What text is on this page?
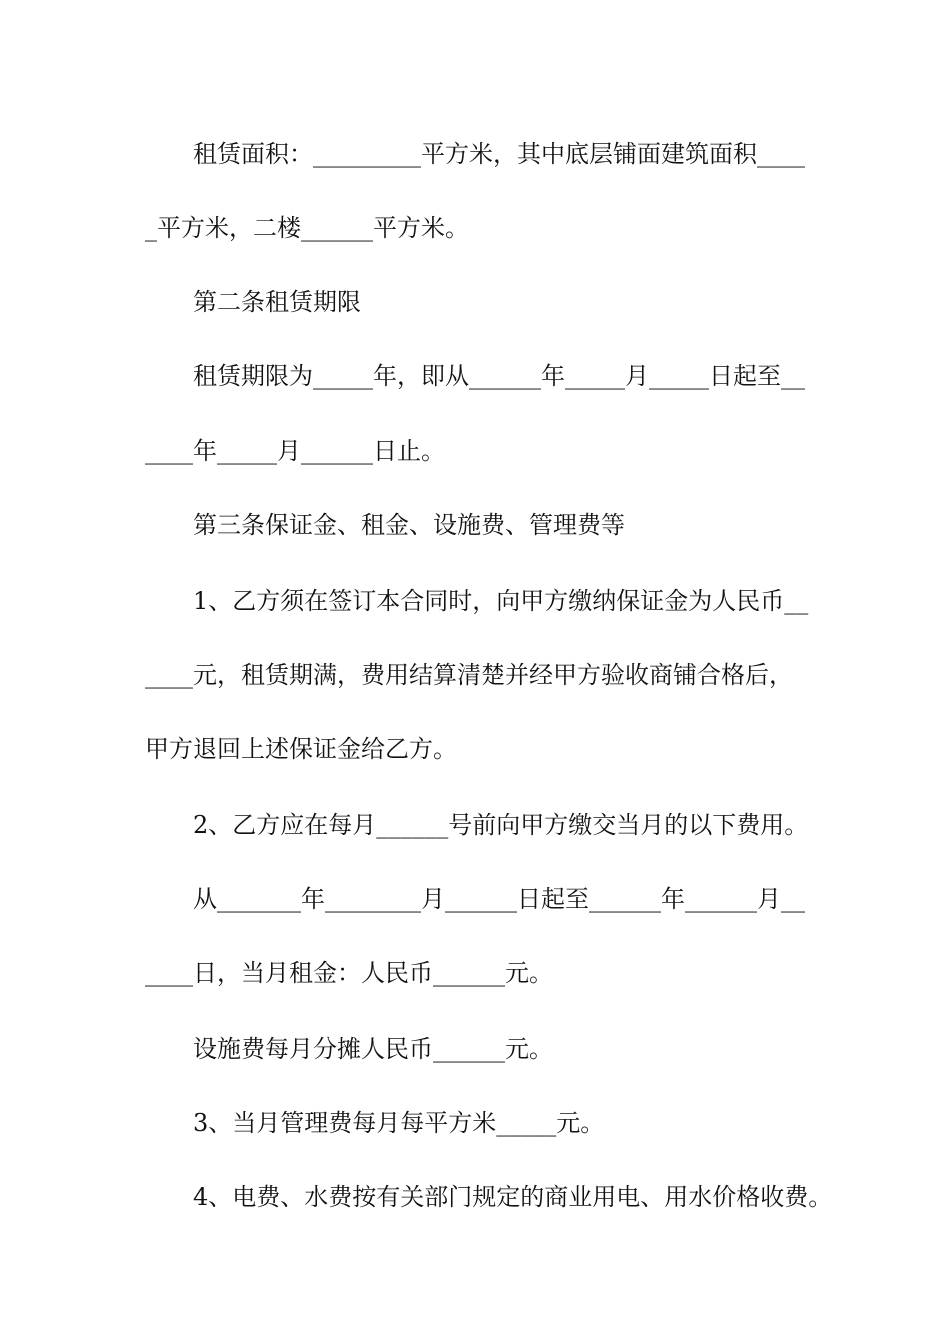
租赁面积：_________平方米，其中底层铺面建筑面积____
_平方米，二楼______平方米。
第二条租赁期限
租赁期限为_____年，即从______年_____月_____日起至__
____年_____月______日止。
第三条保证金、租金、设施费、管理费等
1、乙方须在签订本合同时，向甲方缴纳保证金为人民币__
____元，租赁期满，费用结算清楚并经甲方验收商铺合格后，
甲方退回上述保证金给乙方。
2、乙方应在每月______号前向甲方缴交当月的以下费用。
从_______年________月______日起至______年______月__
____日，当月租金：人民币______元。
设施费每月分摊人民币______元。
3、当月管理费每月每平方米_____元。
4、电费、水费按有关部门规定的商业用电、用水价格收费。
